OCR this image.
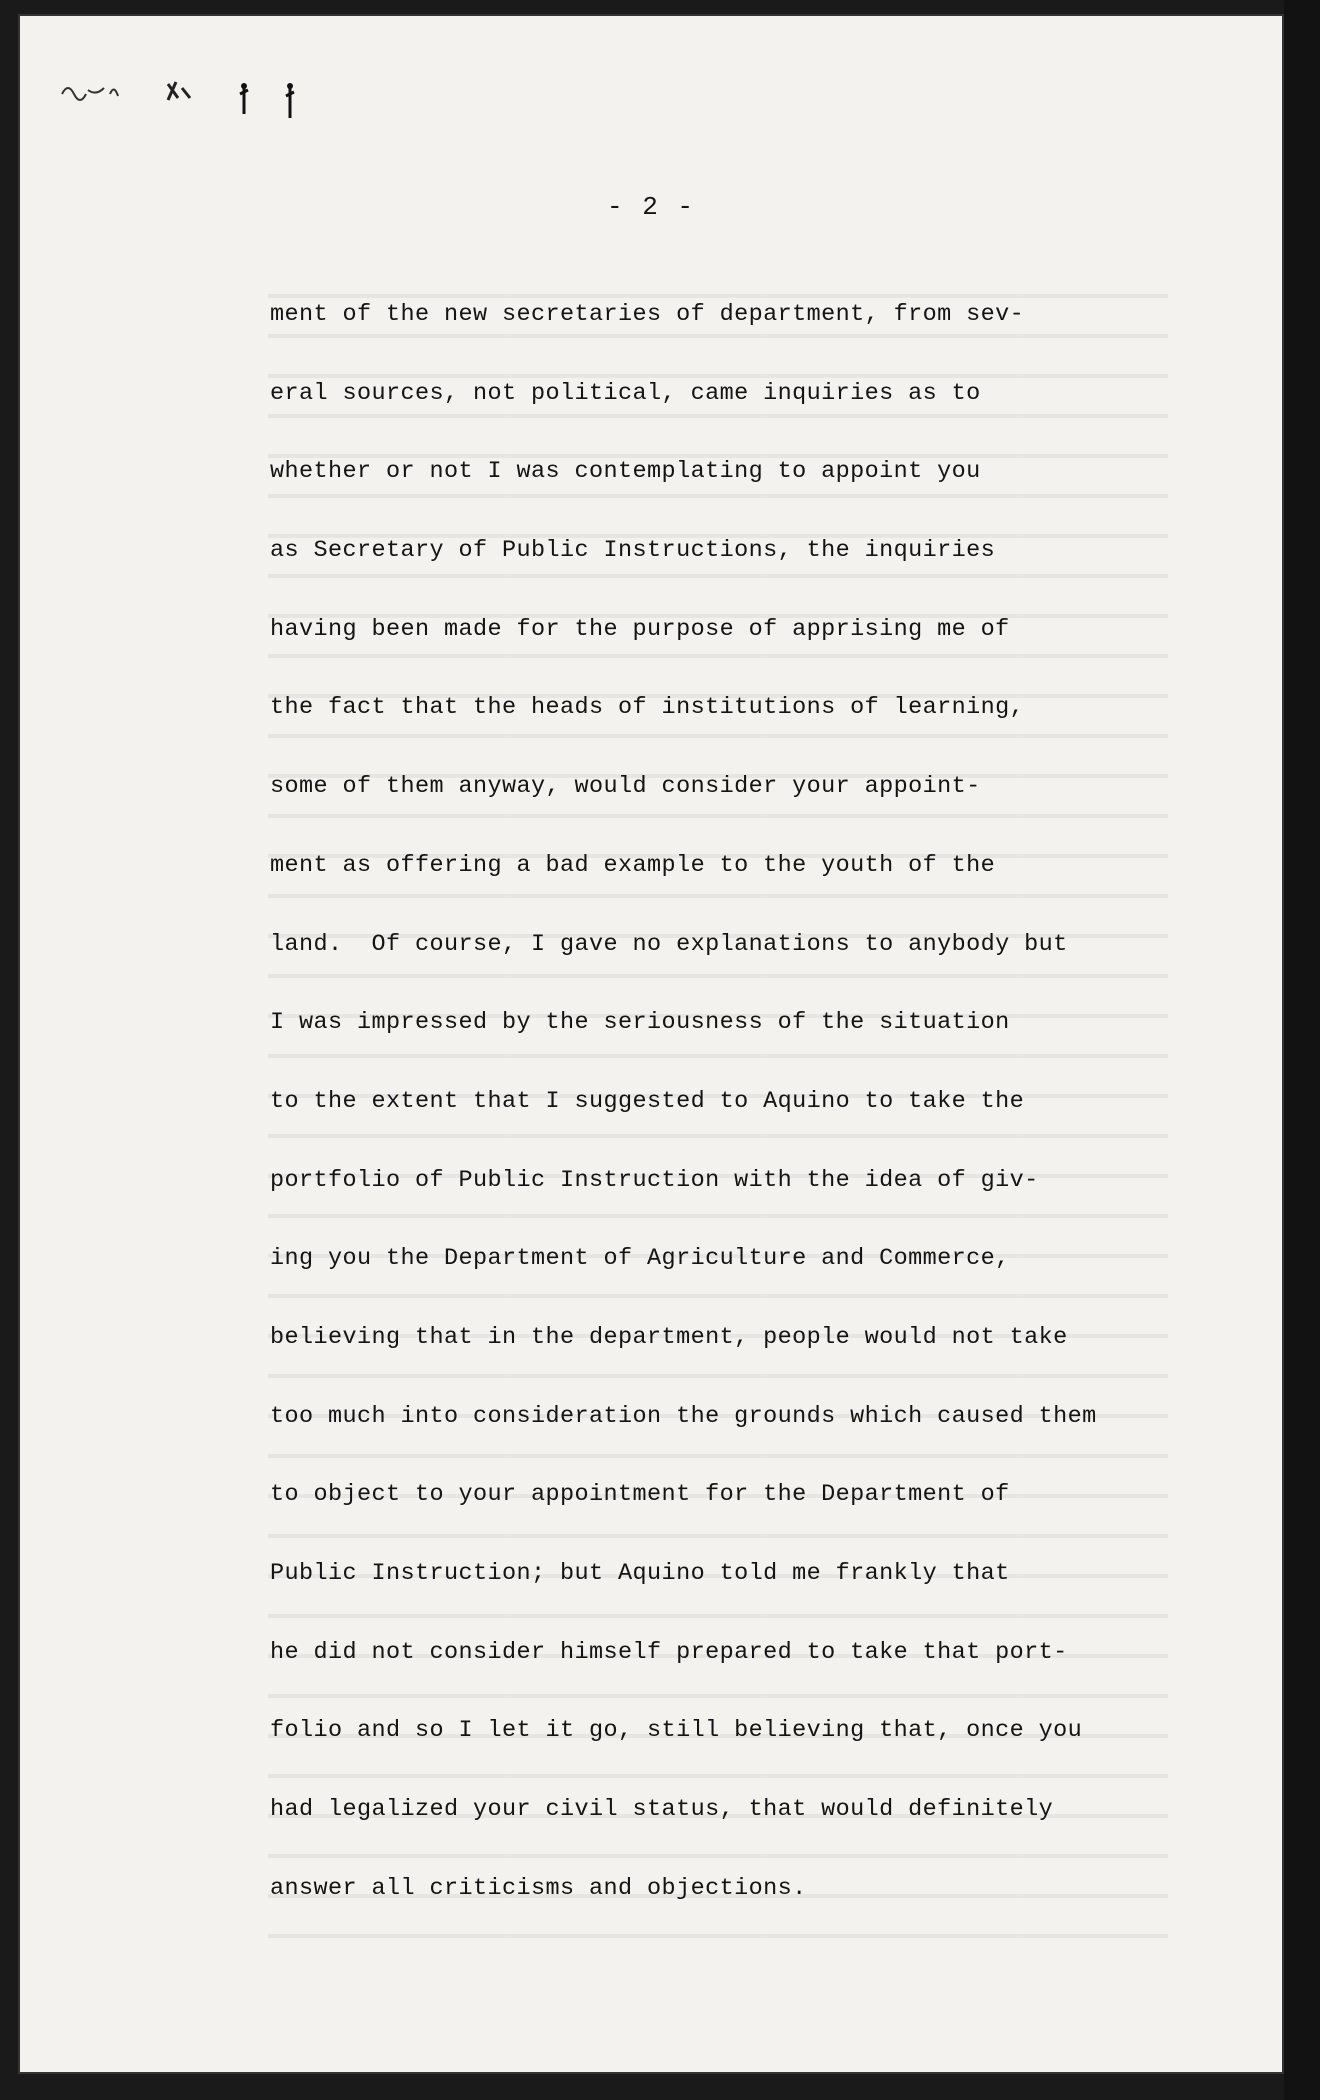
- 2 -
ment of the new secretaries of department, from sev-
eral sources, not political, came inquiries as to
whether or not I was contemplating to appoint you
as Secretary of Public Instructions, the inquiries
having been made for the purpose of apprising me of
the fact that the heads of institutions of learning,
some of them anyway, would consider your appoint-
ment as offering a bad example to the youth of the
land.  Of course, I gave no explanations to anybody but
I was impressed by the seriousness of the situation
to the extent that I suggested to Aquino to take the
portfolio of Public Instruction with the idea of giv-
ing you the Department of Agriculture and Commerce,
believing that in the department, people would not take
too much into consideration the grounds which caused them
to object to your appointment for the Department of
Public Instruction; but Aquino told me frankly that
he did not consider himself prepared to take that port-
folio and so I let it go, still believing that, once you
had legalized your civil status, that would definitely
answer all criticisms and objections.
